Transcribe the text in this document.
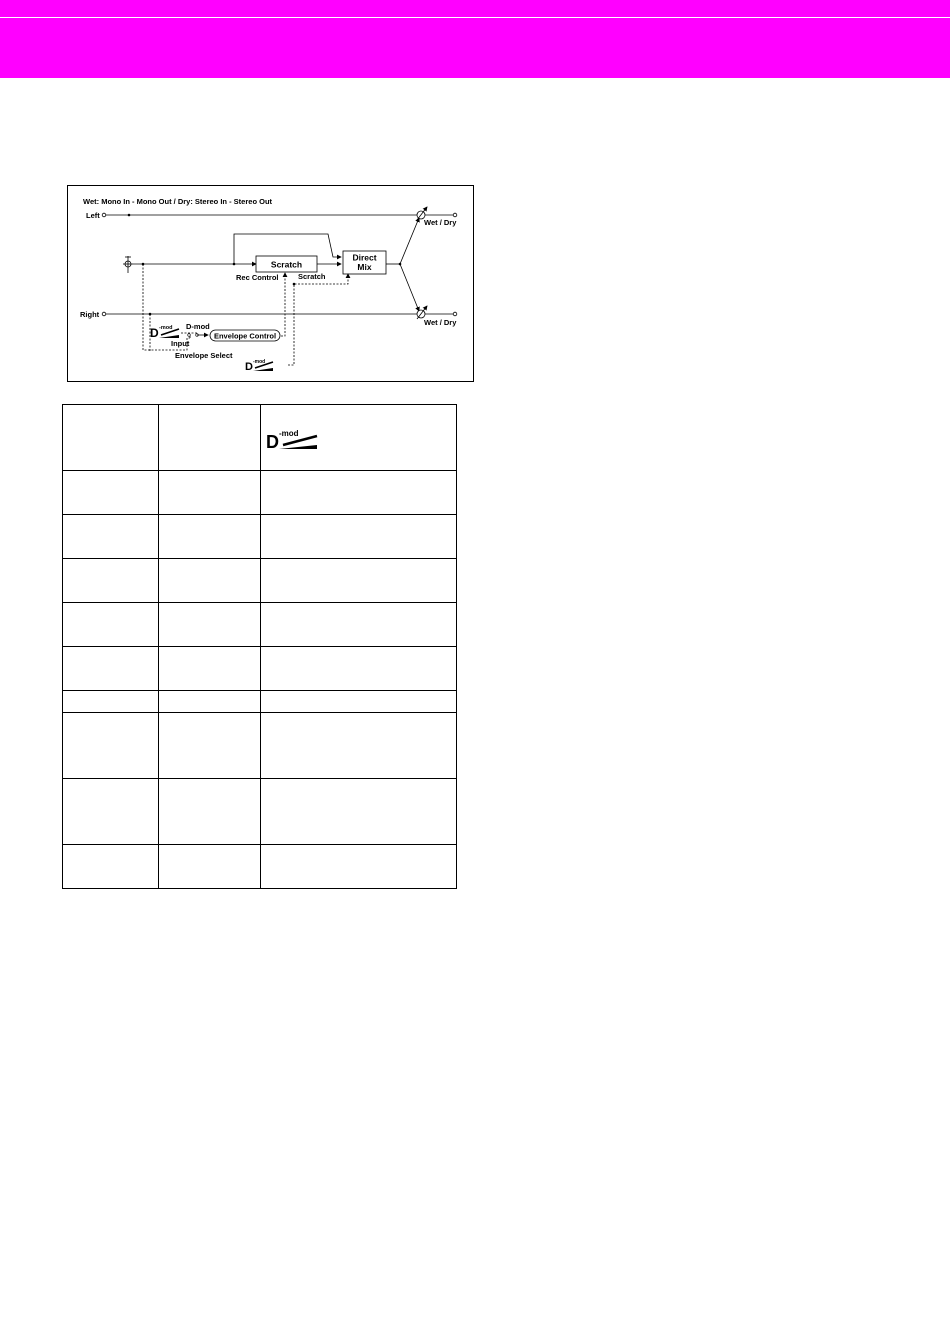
Wet: Mono In - Mono Out / Dry: Stereo In - Stereo Out
Left
Right
Scratch
Direct
Mix
Wet / Dry
Wet / Dry
Rec Control	Scratch
D -mod D-mod
Input
Envelope Control
Envelope Select
D -mod

D -mod
